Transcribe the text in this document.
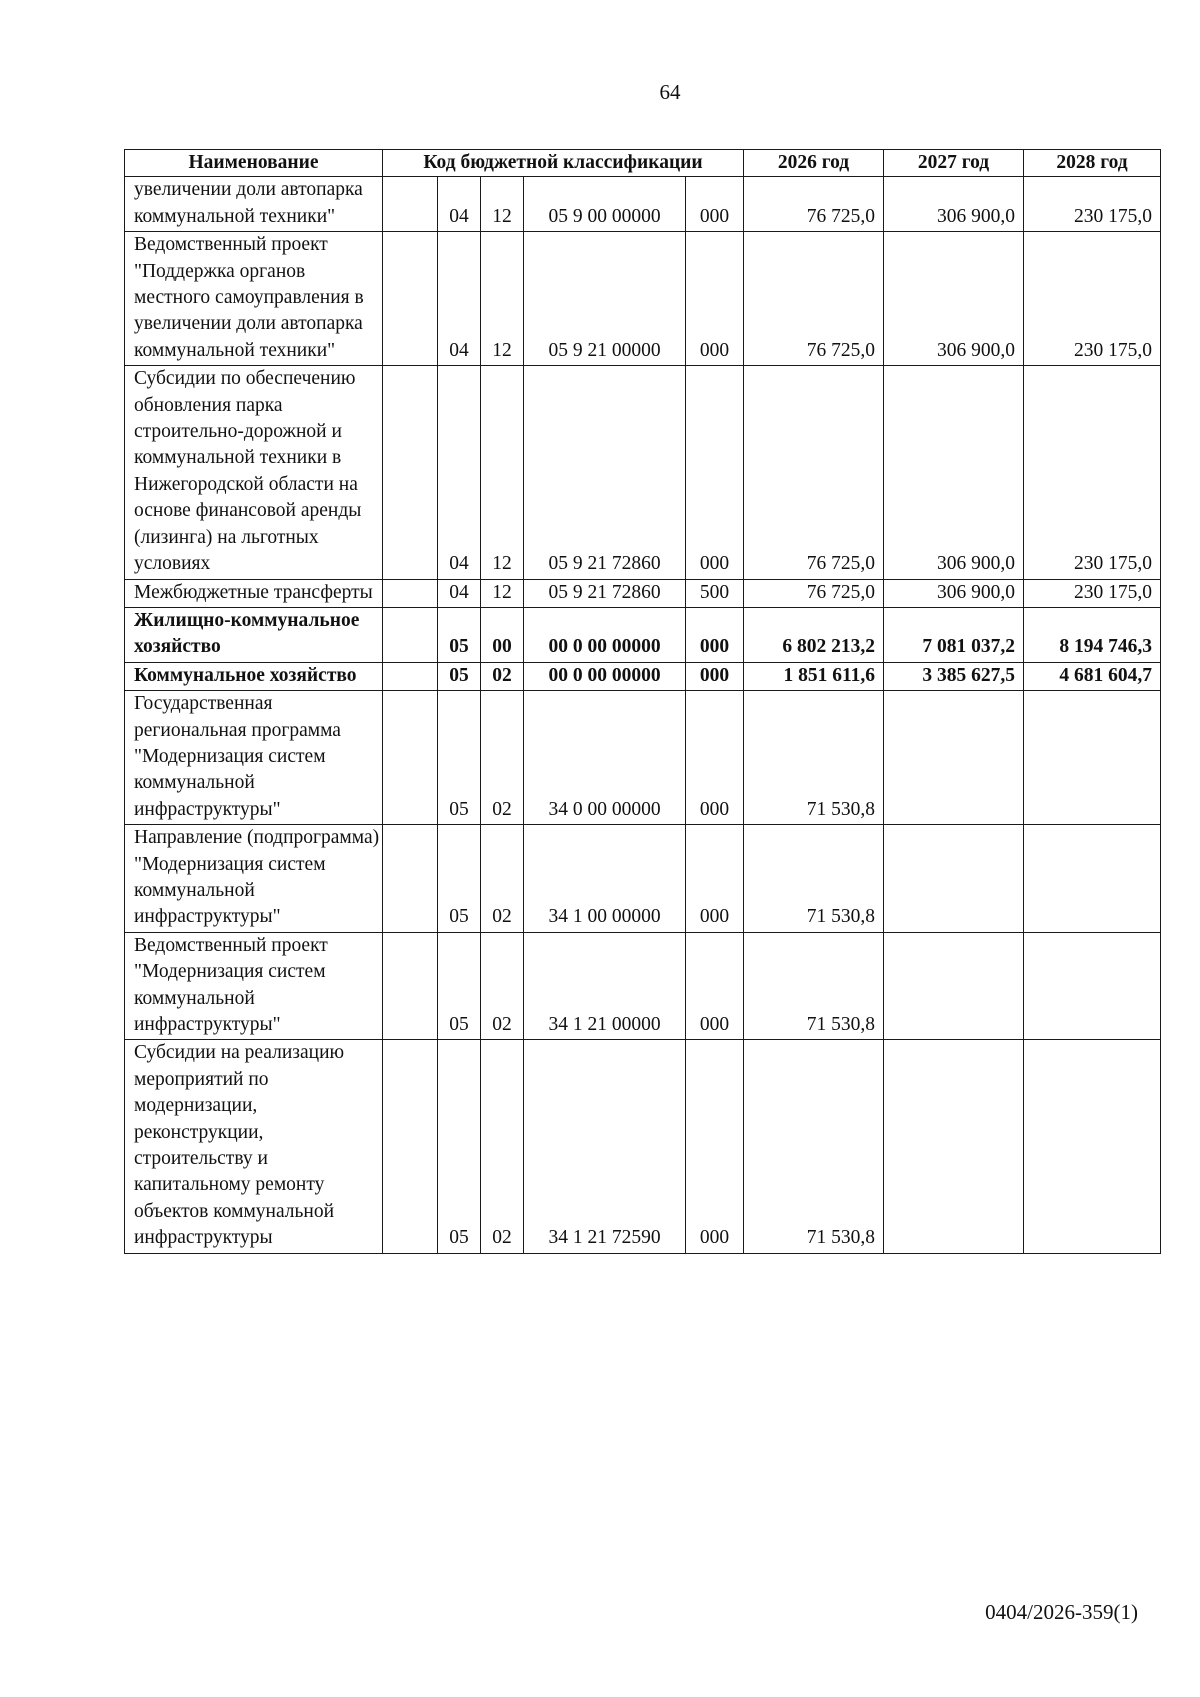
64
Наименование	Код бюджетной классификации					2026 год	2027 год	2028 год
увеличении доли автопарка коммунальной техники"		04	12	05 9 00 00000	000	76 725,0	306 900,0	230 175,0
Ведомственный проект "Поддержка органов местного самоуправления в увеличении доли автопарка коммунальной техники"		04	12	05 9 21 00000	000	76 725,0	306 900,0	230 175,0
Субсидии по обеспечению обновления парка строительно-дорожной и коммунальной техники в Нижегородской области на основе финансовой аренды (лизинга) на льготных условиях		04	12	05 9 21 72860	000	76 725,0	306 900,0	230 175,0
Межбюджетные трансферты		04	12	05 9 21 72860	500	76 725,0	306 900,0	230 175,0
Жилищно-коммунальное хозяйство		05	00	00 0 00 00000	000	6 802 213,2	7 081 037,2	8 194 746,3
Коммунальное хозяйство		05	02	00 0 00 00000	000	1 851 611,6	3 385 627,5	4 681 604,7
Государственная региональная программа "Модернизация систем коммунальной инфраструктуры"		05	02	34 0 00 00000	000	71 530,8		
Направление (подпрограмма) "Модернизация систем коммунальной инфраструктуры"		05	02	34 1 00 00000	000	71 530,8		
Ведомственный проект "Модернизация систем коммунальной инфраструктуры"		05	02	34 1 21 00000	000	71 530,8		
Субсидии на реализацию мероприятий по модернизации, реконструкции, строительству и капитальному ремонту объектов коммунальной инфраструктуры		05	02	34 1 21 72590	000	71 530,8		
0404/2026-359(1)
